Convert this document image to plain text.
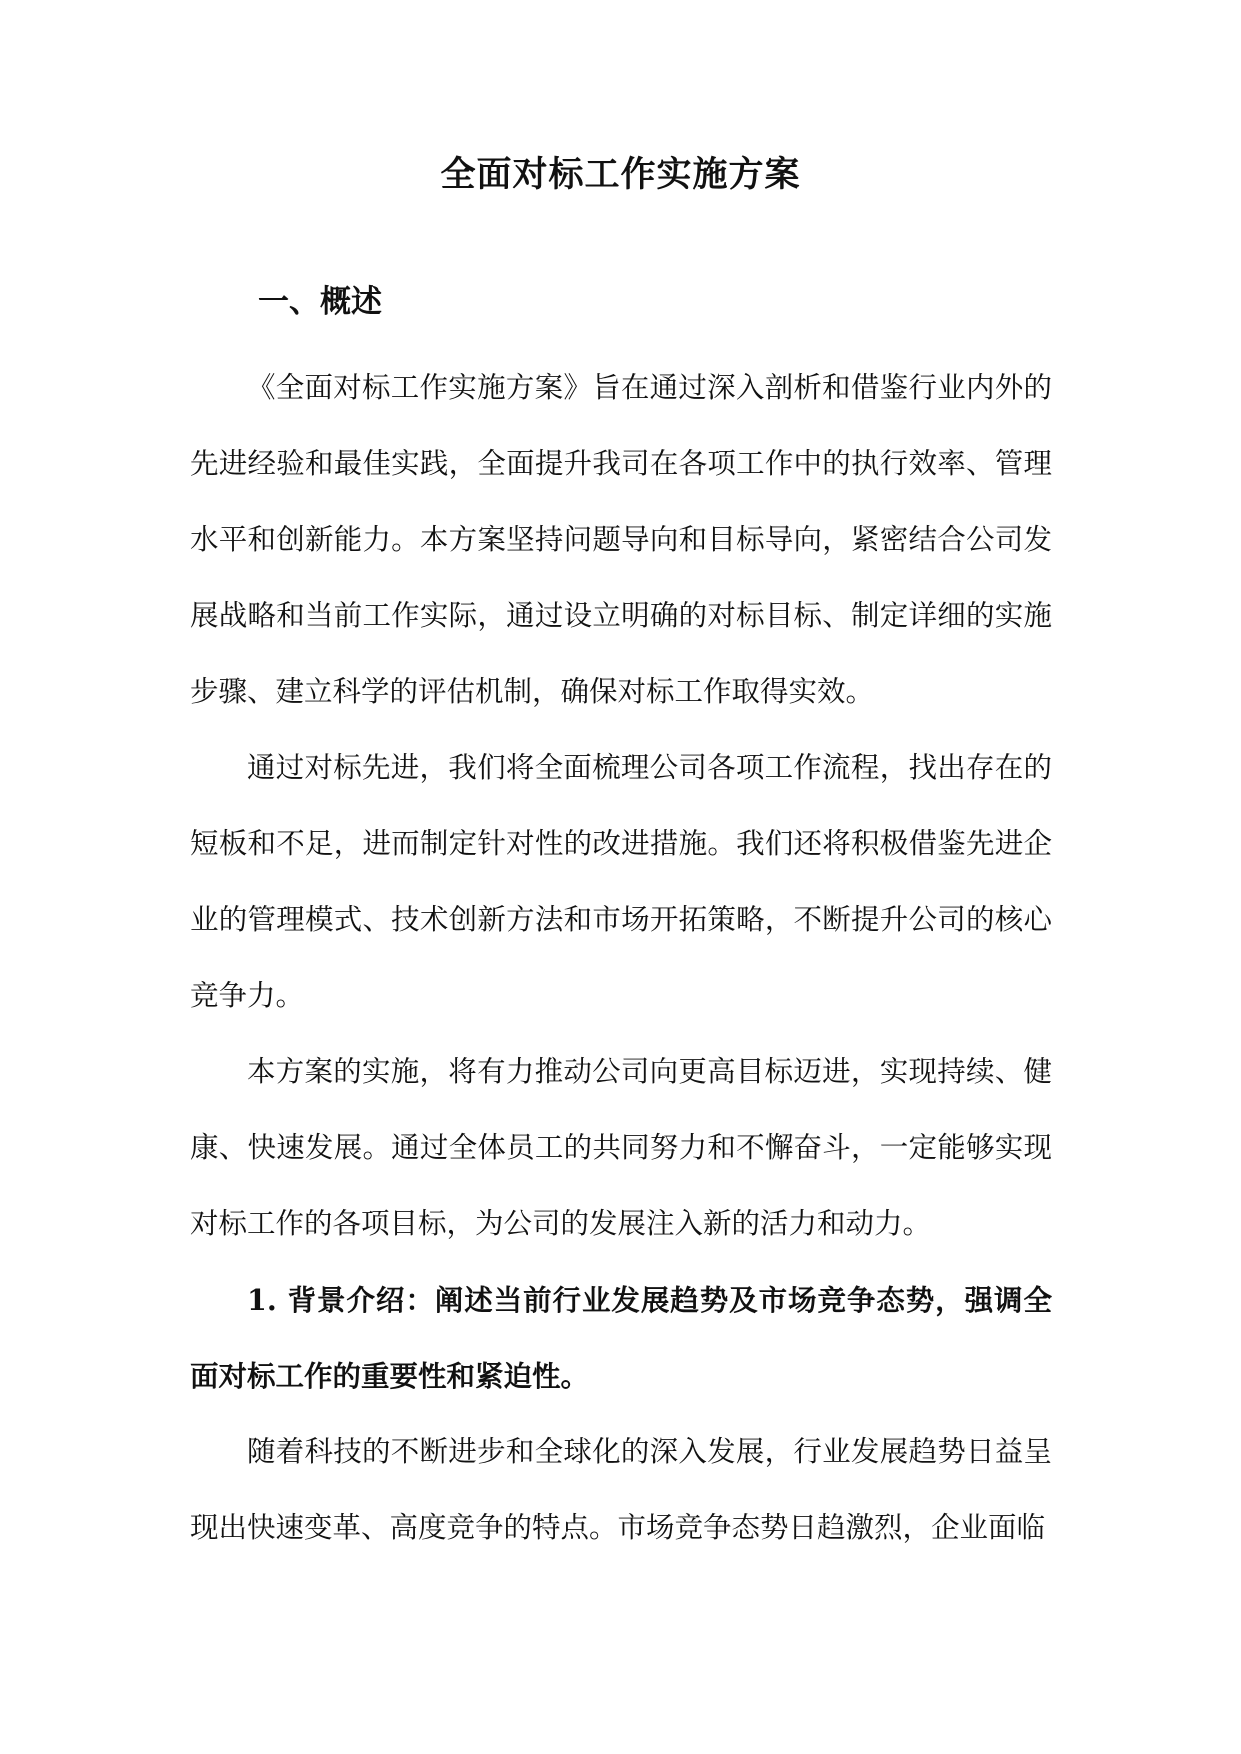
全面对标工作实施方案
一、概述

《全面对标工作实施方案》旨在通过深入剖析和借鉴行业内外的先进经验和最佳实践，全面提升我司在各项工作中的执行效率、管理水平和创新能力。本方案坚持问题导向和目标导向，紧密结合公司发展战略和当前工作实际，通过设立明确的对标目标、制定详细的实施步骤、建立科学的评估机制，确保对标工作取得实效。

通过对标先进，我们将全面梳理公司各项工作流程，找出存在的短板和不足，进而制定针对性的改进措施。我们还将积极借鉴先进企业的管理模式、技术创新方法和市场开拓策略，不断提升公司的核心竞争力。

本方案的实施，将有力推动公司向更高目标迈进，实现持续、健康、快速发展。通过全体员工的共同努力和不懈奋斗，一定能够实现对标工作的各项目标，为公司的发展注入新的活力和动力。

1. 背景介绍：阐述当前行业发展趋势及市场竞争态势，强调全面对标工作的重要性和紧迫性。

随着科技的不断进步和全球化的深入发展，行业发展趋势日益呈现出快速变革、高度竞争的特点。市场竞争态势日趋激烈，企业面临
